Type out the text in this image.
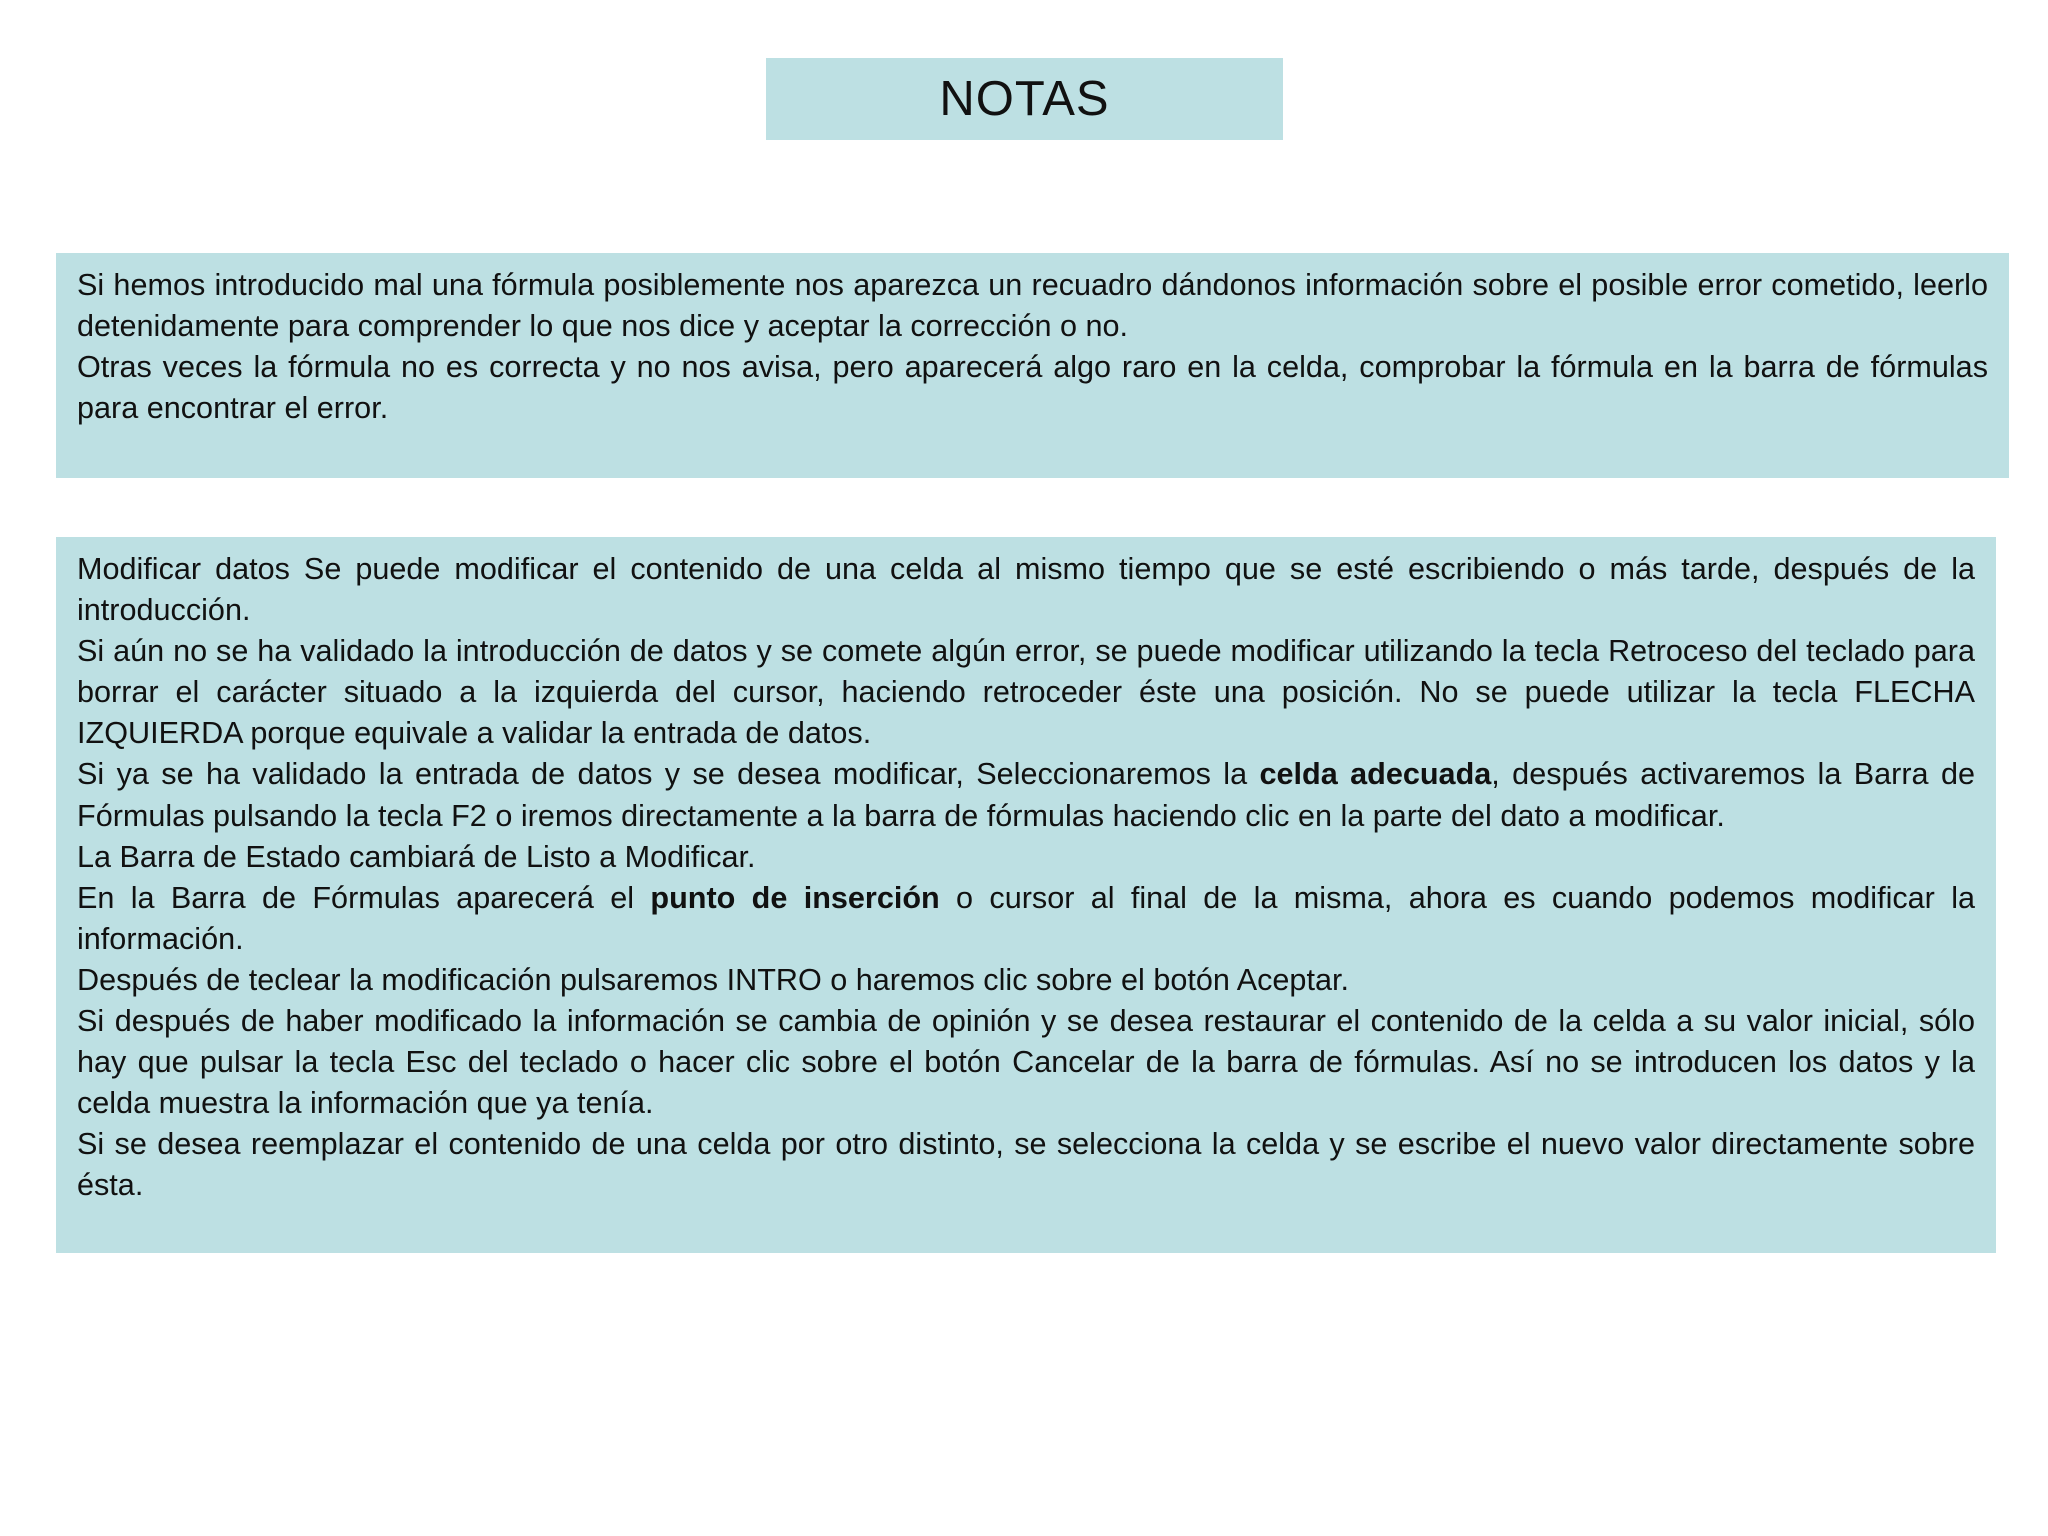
NOTAS

Si hemos introducido mal una fórmula posiblemente nos aparezca un recuadro dándonos información sobre el posible error cometido, leerlo detenidamente para comprender lo que nos dice y aceptar la corrección o no.

Otras veces la fórmula no es correcta y no nos avisa, pero aparecerá algo raro en la celda, comprobar la fórmula en la barra de fórmulas para encontrar el error.

Modificar datos Se puede modificar el contenido de una celda al mismo tiempo que se esté escribiendo o más tarde, después de la introducción.

Si aún no se ha validado la introducción de datos y se comete algún error, se puede modificar utilizando la tecla Retroceso del teclado para borrar el carácter situado a la izquierda del cursor, haciendo retroceder éste una posición. No se puede utilizar la tecla FLECHA IZQUIERDA porque equivale a validar la entrada de datos.

Si ya se ha validado la entrada de datos y se desea modificar, Seleccionaremos la celda adecuada, después activaremos la Barra de Fórmulas pulsando la tecla F2 o iremos directamente a la barra de fórmulas haciendo clic en la parte del dato a modificar.

La Barra de Estado cambiará de Listo a Modificar.

En la Barra de Fórmulas aparecerá el punto de inserción o cursor al final de la misma, ahora es cuando podemos modificar la información.

Después de teclear la modificación pulsaremos INTRO o haremos clic sobre el botón Aceptar.

Si después de haber modificado la información se cambia de opinión y se desea restaurar el contenido de la celda a su valor inicial, sólo hay que pulsar la tecla Esc del teclado o hacer clic sobre el botón Cancelar de la barra de fórmulas. Así no se introducen los datos y la celda muestra la información que ya tenía.

Si se desea reemplazar el contenido de una celda por otro distinto, se selecciona la celda y se escribe el nuevo valor directamente sobre ésta.
